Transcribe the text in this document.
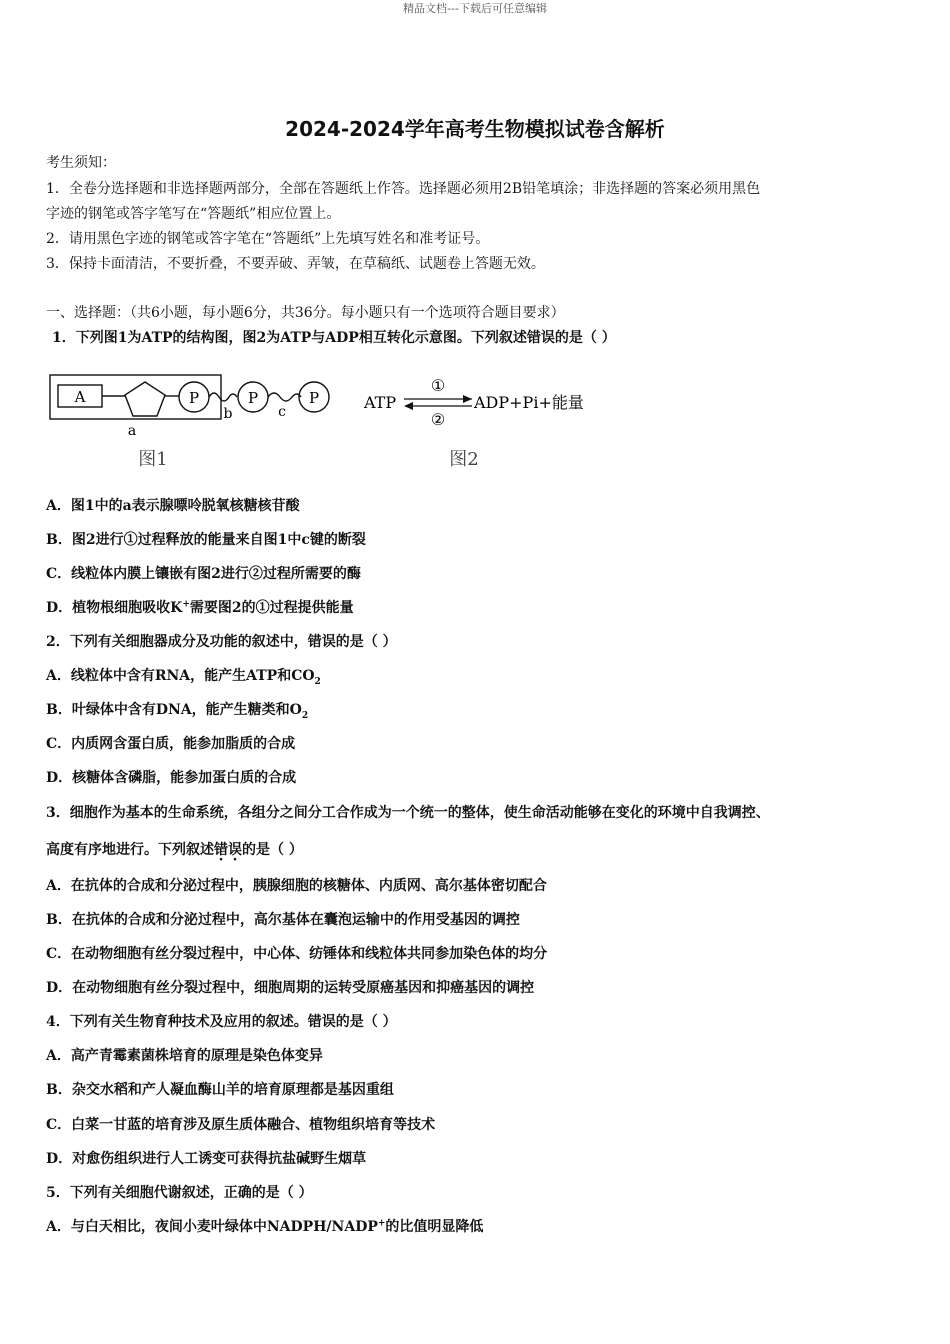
精品文档---下载后可任意编辑
2024-2024学年高考生物模拟试卷含解析
考生须知：
1．全卷分选择题和非选择题两部分，全部在答题纸上作答。选择题必须用2B铅笔填涂；非选择题的答案必须用黑色
字迹的钢笔或答字笔写在“答题纸”相应位置上。
2．请用黑色字迹的钢笔或答字笔在“答题纸”上先填写姓名和准考证号。
3．保持卡面清洁，不要折叠，不要弄破、弄皱，在草稿纸、试题卷上答题无效。
一、选择题：（共6小题，每小题6分，共36分。每小题只有一个选项符合题目要求）
1．下列图1为ATP的结构图，图2为ATP与ADP相互转化示意图。下列叙述错误的是（ ）
A	P	P	P
b	c
a
图1
ATP
①
②
ADP+Pi+能量
图2
A．图1中的a表示腺嘌呤脱氧核糖核苷酸
B．图2进行①过程释放的能量来自图1中c键的断裂
C．线粒体内膜上镶嵌有图2进行②过程所需要的酶
D．植物根细胞吸收K+需要图2的①过程提供能量
2．下列有关细胞器成分及功能的叙述中，错误的是（ ）
A．线粒体中含有RNA，能产生ATP和$CO_2$
B．叶绿体中含有DNA，能产生糖类和$O_2$
C．内质网含蛋白质，能参加脂质的合成
D．核糖体含磷脂，能参加蛋白质的合成
3．细胞作为基本的生命系统，各组分之间分工合作成为一个统一的整体，使生命活动能够在变化的环境中自我调控、
高度有序地进行。下列叙述错误的是（ ）
A．在抗体的合成和分泌过程中，胰腺细胞的核糖体、内质网、高尔基体密切配合
B．在抗体的合成和分泌过程中，高尔基体在囊泡运输中的作用受基因的调控
C．在动物细胞有丝分裂过程中，中心体、纺锤体和线粒体共同参加染色体的均分
D．在动物细胞有丝分裂过程中，细胞周期的运转受原癌基因和抑癌基因的调控
4．下列有关生物育种技术及应用的叙述。错误的是（ ）
A．高产青霉素菌株培育的原理是染色体变异
B．杂交水稻和产人凝血酶山羊的培育原理都是基因重组
C．白菜一甘蓝的培育涉及原生质体融合、植物组织培育等技术
D．对愈伤组织进行人工诱变可获得抗盐碱野生烟草
5．下列有关细胞代谢叙述，正确的是（ ）
A．与白天相比，夜间小麦叶绿体中NADPH/NADP+的比值明显降低
